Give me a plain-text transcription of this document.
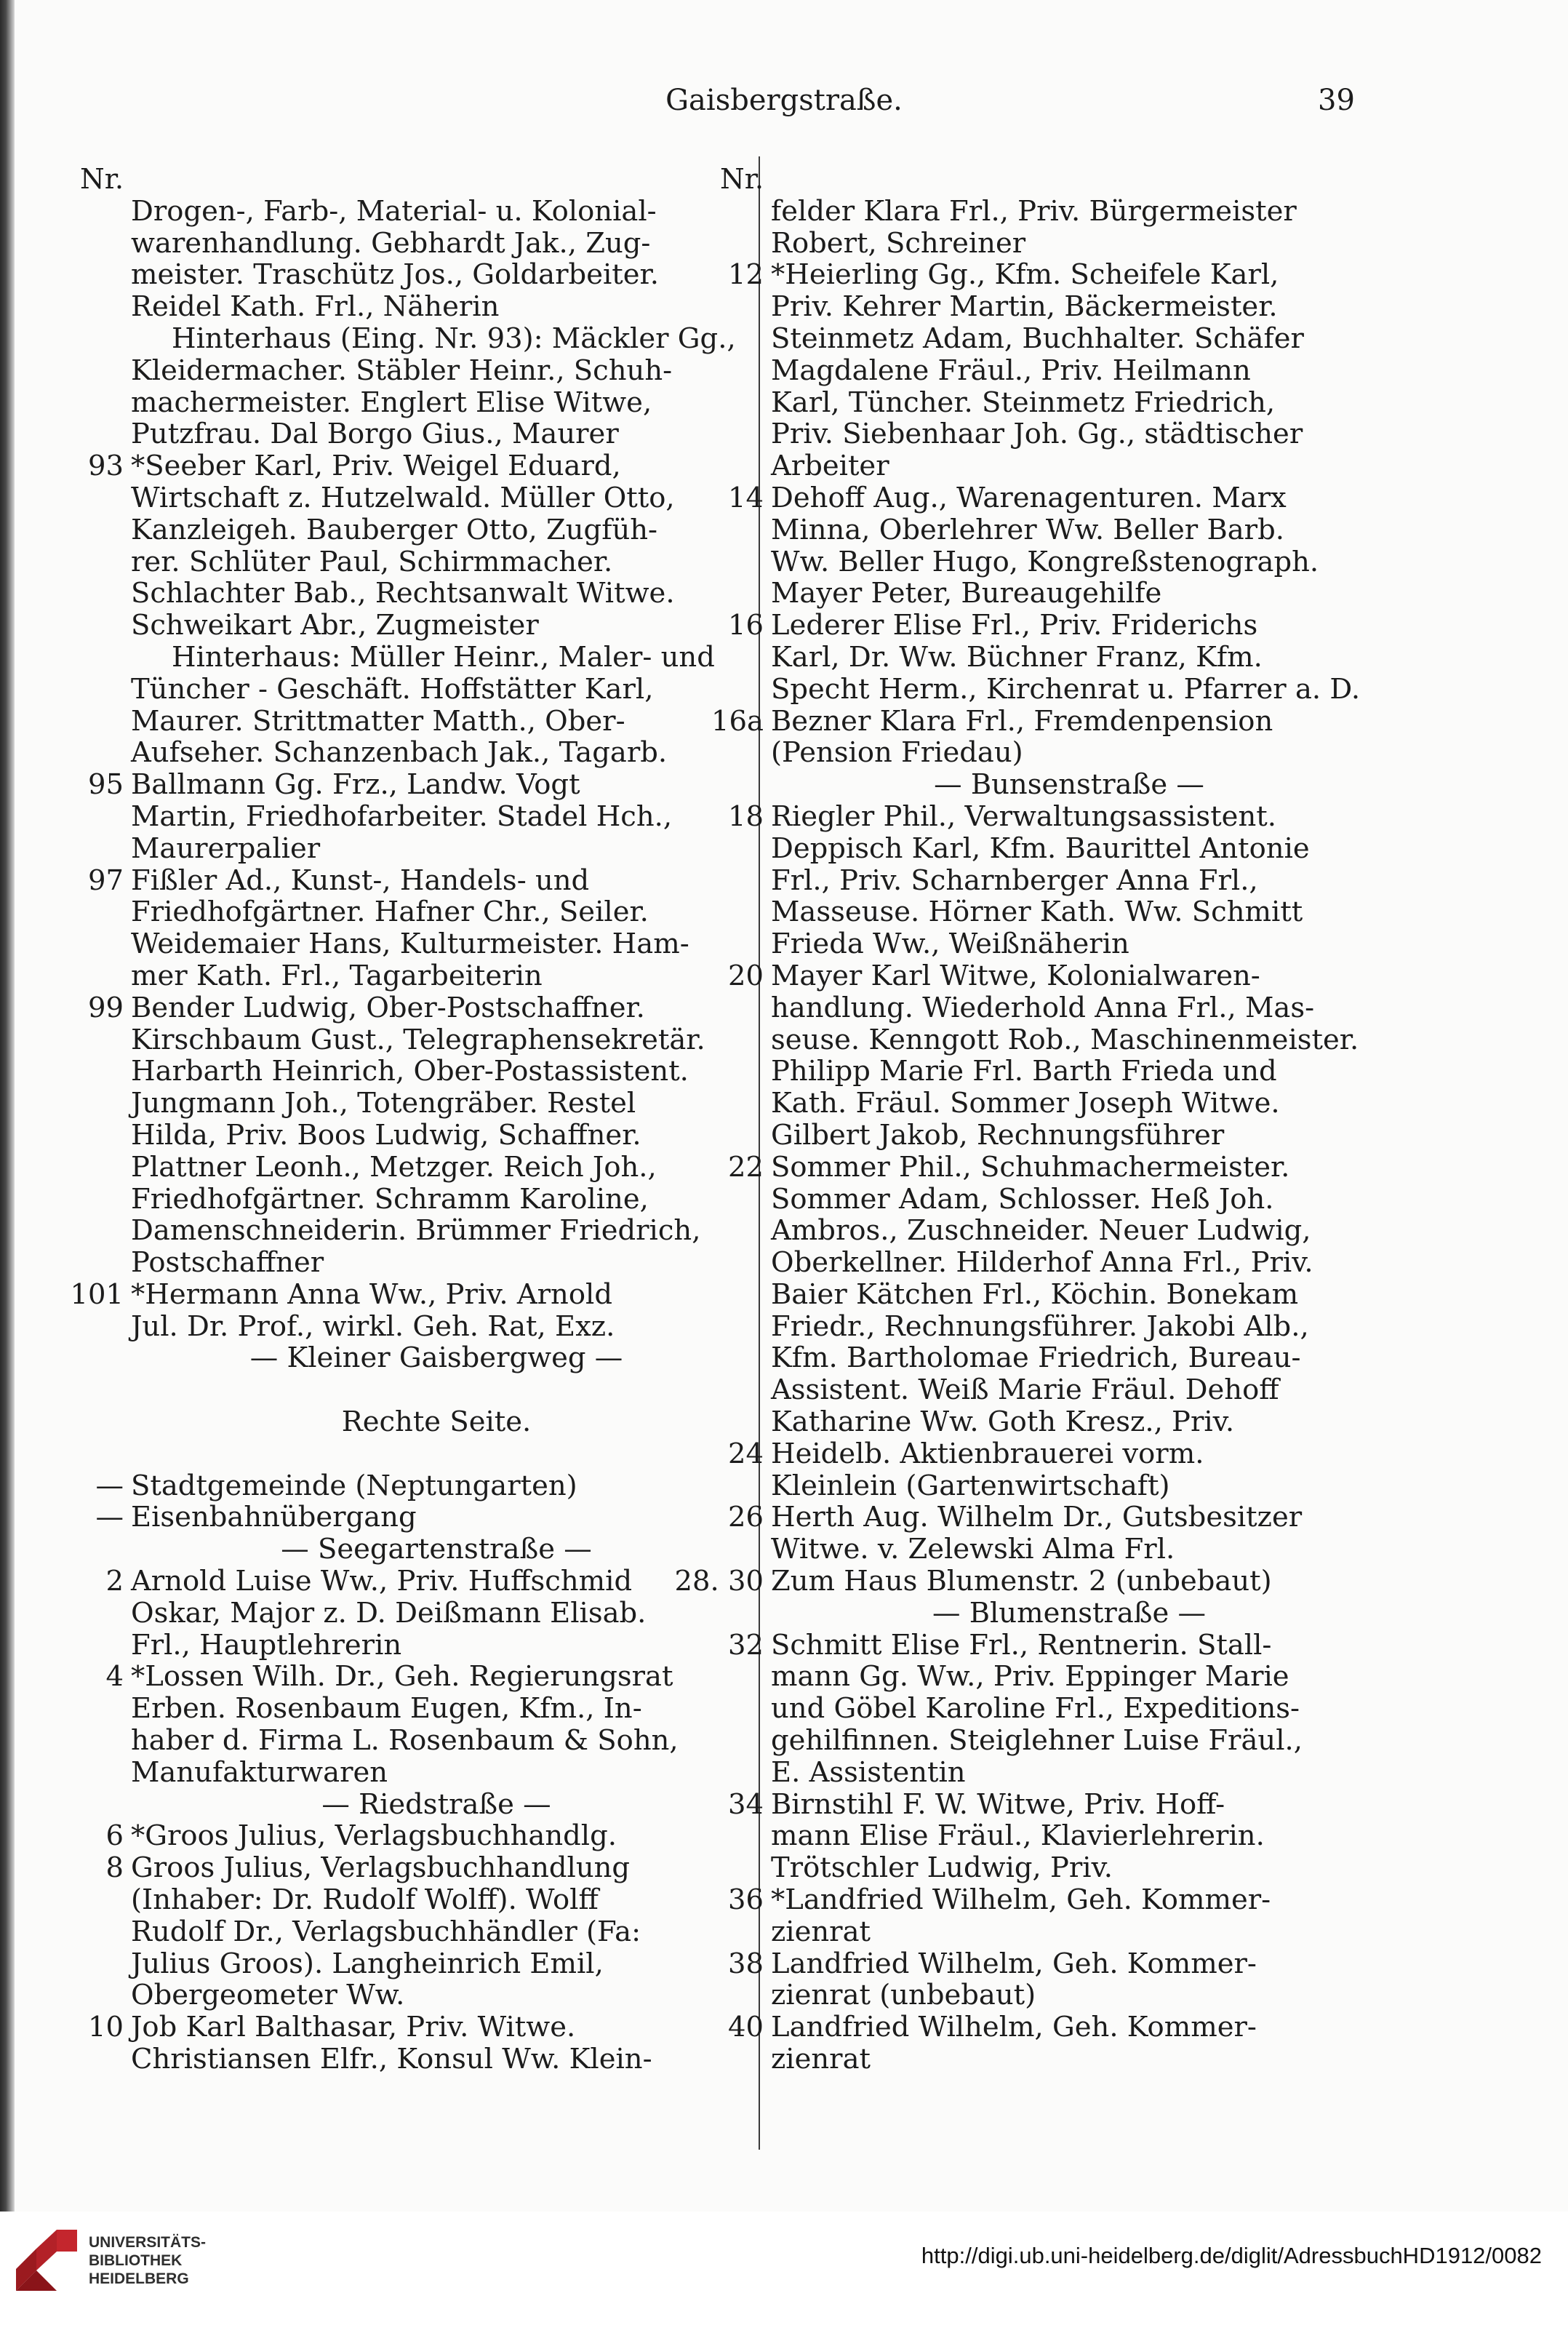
Gaisbergstraße.	39
Nr.
Drogen-, Farb-, Material- u. Kolonial-
warenhandlung. Gebhardt Jak., Zug-
meister. Traschütz Jos., Goldarbeiter.
Reidel Kath. Frl., Näherin
Hinterhaus (Eing. Nr. 93): Mäckler Gg.,
Kleidermacher. Stäbler Heinr., Schuh-
machermeister. Englert Elise Witwe,
Putzfrau. Dal Borgo Gius., Maurer
93 *Seeber Karl, Priv. Weigel Eduard,
Wirtschaft z. Hutzelwald. Müller Otto,
Kanzleigeh. Bauberger Otto, Zugfüh-
rer. Schlüter Paul, Schirmmacher.
Schlachter Bab., Rechtsanwalt Witwe.
Schweikart Abr., Zugmeister
Hinterhaus: Müller Heinr., Maler- und
Tüncher - Geschäft. Hoffstätter Karl,
Maurer. Strittmatter Matth., Ober-
Aufseher. Schanzenbach Jak., Tagarb.
95 Ballmann Gg. Frz., Landw. Vogt
Martin, Friedhofarbeiter. Stadel Hch.,
Maurerpalier
97 Fißler Ad., Kunst-, Handels- und
Friedhofgärtner. Hafner Chr., Seiler.
Weidemaier Hans, Kulturmeister. Ham-
mer Kath. Frl., Tagarbeiterin
99 Bender Ludwig, Ober-Postschaffner.
Kirschbaum Gust., Telegraphensekretär.
Harbarth Heinrich, Ober-Postassistent.
Jungmann Joh., Totengräber. Restel
Hilda, Priv. Boos Ludwig, Schaffner.
Plattner Leonh., Metzger. Reich Joh.,
Friedhofgärtner. Schramm Karoline,
Damenschneiderin. Brümmer Friedrich,
Postschaffner
101 *Hermann Anna Ww., Priv. Arnold
Jul. Dr. Prof., wirkl. Geh. Rat, Exz.
— Kleiner Gaisbergweg —
Rechte Seite.
— Stadtgemeinde (Neptungarten)
— Eisenbahnübergang
— Seegartenstraße —
2 Arnold Luise Ww., Priv. Huffschmid
Oskar, Major z. D. Deißmann Elisab.
Frl., Hauptlehrerin
4 *Lossen Wilh. Dr., Geh. Regierungsrat
Erben. Rosenbaum Eugen, Kfm., In-
haber d. Firma L. Rosenbaum & Sohn,
Manufakturwaren
— Riedstraße —
6 *Groos Julius, Verlagsbuchhandlg.
8 Groos Julius, Verlagsbuchhandlung
(Inhaber: Dr. Rudolf Wolff). Wolff
Rudolf Dr., Verlagsbuchhändler (Fa:
Julius Groos). Langheinrich Emil,
Obergeometer Ww.
10 Job Karl Balthasar, Priv. Witwe.
Christiansen Elfr., Konsul Ww. Klein-
Nr.
felder Klara Frl., Priv. Bürgermeister
Robert, Schreiner
12 *Heierling Gg., Kfm. Scheifele Karl,
Priv. Kehrer Martin, Bäckermeister.
Steinmetz Adam, Buchhalter. Schäfer
Magdalene Fräul., Priv. Heilmann
Karl, Tüncher. Steinmetz Friedrich,
Priv. Siebenhaar Joh. Gg., städtischer
Arbeiter
14 Dehoff Aug., Warenagenturen. Marx
Minna, Oberlehrer Ww. Beller Barb.
Ww. Beller Hugo, Kongreßstenograph.
Mayer Peter, Bureaugehilfe
16 Lederer Elise Frl., Priv. Friderichs
Karl, Dr. Ww. Büchner Franz, Kfm.
Specht Herm., Kirchenrat u. Pfarrer a. D.
16a Bezner Klara Frl., Fremdenpension
(Pension Friedau)
— Bunsenstraße —
18 Riegler Phil., Verwaltungsassistent.
Deppisch Karl, Kfm. Baurittel Antonie
Frl., Priv. Scharnberger Anna Frl.,
Masseuse. Hörner Kath. Ww. Schmitt
Frieda Ww., Weißnäherin
20 Mayer Karl Witwe, Kolonialwaren-
handlung. Wiederhold Anna Frl., Mas-
seuse. Kenngott Rob., Maschinenmeister.
Philipp Marie Frl. Barth Frieda und
Kath. Fräul. Sommer Joseph Witwe.
Gilbert Jakob, Rechnungsführer
22 Sommer Phil., Schuhmachermeister.
Sommer Adam, Schlosser. Heß Joh.
Ambros., Zuschneider. Neuer Ludwig,
Oberkellner. Hilderhof Anna Frl., Priv.
Baier Kätchen Frl., Köchin. Bonekam
Friedr., Rechnungsführer. Jakobi Alb.,
Kfm. Bartholomae Friedrich, Bureau-
Assistent. Weiß Marie Fräul. Dehoff
Katharine Ww. Goth Kresz., Priv.
24 Heidelb. Aktienbrauerei vorm.
Kleinlein (Gartenwirtschaft)
26 Herth Aug. Wilhelm Dr., Gutsbesitzer
Witwe. v. Zelewski Alma Frl.
28. 30 Zum Haus Blumenstr. 2 (unbebaut)
— Blumenstraße —
32 Schmitt Elise Frl., Rentnerin. Stall-
mann Gg. Ww., Priv. Eppinger Marie
und Göbel Karoline Frl., Expeditions-
gehilfinnen. Steiglehner Luise Fräul.,
E. Assistentin
34 Birnstihl F. W. Witwe, Priv. Hoff-
mann Elise Fräul., Klavierlehrerin.
Trötschler Ludwig, Priv.
36 *Landfried Wilhelm, Geh. Kommer-
zienrat
38 Landfried Wilhelm, Geh. Kommer-
zienrat (unbebaut)
40 Landfried Wilhelm, Geh. Kommer-
zienrat
UNIVERSITÄTS-
BIBLIOTHEK
HEIDELBERG
http://digi.ub.uni-heidelberg.de/diglit/AdressbuchHD1912/0082
